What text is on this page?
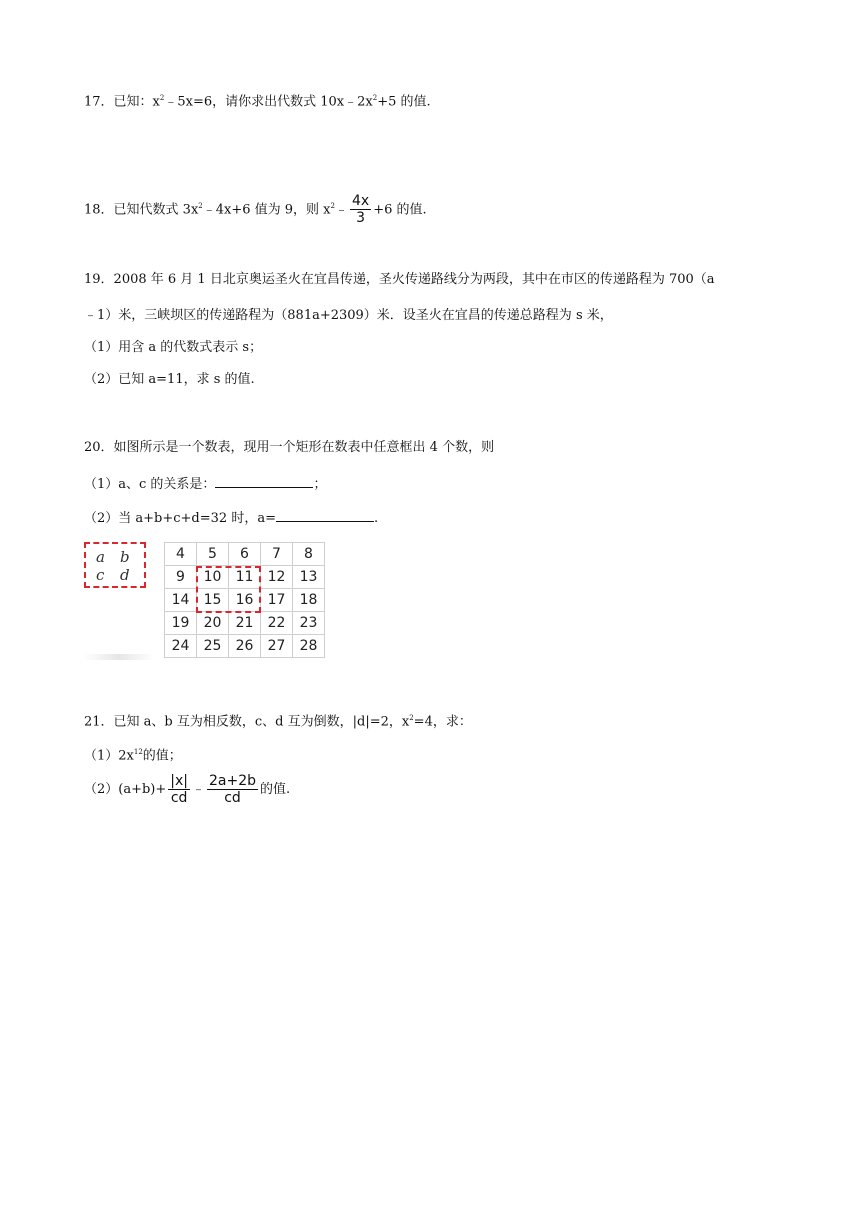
17．已知：$x^2﹣5x=6$，请你求出代数式 $10x﹣2x^2+5$ 的值.
18．已知代数式 $3x^2﹣4x+6$ 值为 9，则 $x^2﹣ \frac{4x}{3} +6$ 的值.
19．2008 年 6 月 1 日北京奥运圣火在宜昌传递，圣火传递路线分为两段，其中在市区的传递路程为 700（a
﹣1）米，三峡坝区的传递路程为（881a+2309）米．设圣火在宜昌的传递总路程为 s 米，
（1）用含 a 的代数式表示 s；
（2）已知 a=11，求 s 的值.
20．如图所示是一个数表，现用一个矩形在数表中任意框出 4 个数，则
（1）a、c 的关系是：	；
（2）当 a+b+c+d=32 时，a=	.
a b
c d
4	5	6	7	8
9	10	11	12	13
14	15	16	17	18
19	20	21	22	23
24	25	26	27	28
21．已知 a、b 互为相反数，c、d 互为倒数，|d|=2，$x^2=4$，求：
$(1)2x^{12}$的值；
$(2)(a+b)+ \frac{|x|}{cd}$ ﹣ $\frac{2a+2b}{cd}$ 的值.
